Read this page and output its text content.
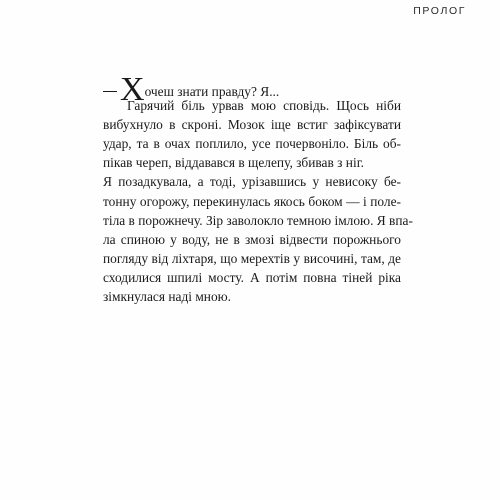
ПРОЛОГ
Хочеш знати правду? Я...
Гарячий біль урвав мою сповідь. Щось ніби
вибухнуло в скроні. Мозок іще встиг зафіксувати
удар, та в очах поплило, усе почервоніло. Біль об-
пікав череп, віддавався в щелепу, збивав з ніг.
Я позадкувала, а тоді, урізавшись у невисоку бе-
тонну огорожу, перекинулась якось боком — і поле-
тіла в порожнечу. Зір заволокло темною імлою. Я впа-
ла спиною у воду, не в змозі відвести порожнього
погляду від ліхтаря, що мерехтів у височині, там, де
сходилися шпилі мосту. А потім повна тіней ріка
зімкнулася наді мною.
